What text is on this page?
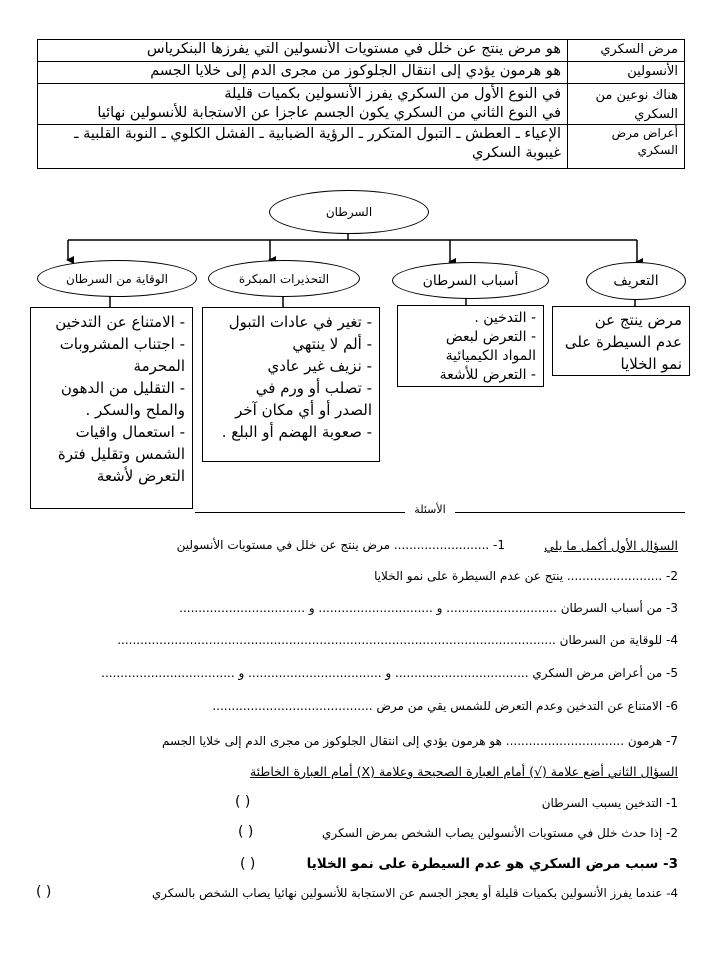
مرض السكري	هو مرض ينتج عن خلل في مستويات الأنسولين التي يفرزها البنكرياس

الأنسولين	هو هرمون يؤدي إلى انتقال الجلوكوز من مجرى الدم إلى خلايا الجسم

هناك نوعين من السكري	في النوع الأول من السكري يفرز الأنسولين بكميات قليلة
في النوع الثاني من السكري يكون الجسم عاجزا عن الاستجابة للأنسولين نهائيا

أعراض مرض السكري	الإعياء ـ العطش ـ التبول المتكرر ـ الرؤية الضبابية ـ الفشل الكلوي ـ النوبة القلبية ـ
غيبوبة السكري
السرطان
الوقاية من السرطان	التحذيرات المبكرة	أسباب السرطان	التعريف
- الامتناع عن التدخين
- اجتناب المشروبات
المحرمة
- التقليل من الدهون
والملح والسكر .
- استعمال واقيات
الشمس وتقليل فترة
التعرض لأشعة
- تغير في عادات التبول
- ألم لا ينتهي
- نزيف غير عادي
- تصلب أو ورم في
الصدر أو أي مكان آخر
- صعوبة الهضم أو البلع .
- التدخين .
- التعرض لبعض
المواد الكيميائية
- التعرض للأشعة
مرض ينتج عن
عدم السيطرة على
نمو الخلايا
الأسئلة
السؤال الأول أكمل ما يلي
1- ......................... مرض ينتج عن خلل في مستويات الأنسولين
2- ......................... ينتج عن عدم السيطرة على نمو الخلايا
3- من أسباب السرطان ............................. و .............................. و .................................
4- للوقاية من السرطان ...................................................................................................................
5- من أعراض مرض السكري ................................... و ................................... و ...................................
6- الامتناع عن التدخين وعدم التعرض للشمس يقي من مرض ..........................................
7- هرمون ............................... هو هرمون يؤدي إلى انتقال الجلوكوز من مجرى الدم إلى خلايا الجسم
السؤال الثاني أضع علامة (√) أمام العبارة الصحيحة وعلامة (X) أمام العبارة الخاطئة
1- التدخين يسبب السرطان
( )
2- إذا حدث خلل في مستويات الأنسولين يصاب الشخص بمرض السكري
( )
3- سبب مرض السكري هو عدم السيطرة على نمو الخلايا
( )
4- عندما يفرز الأنسولين بكميات قليلة أو يعجز الجسم عن الاستجابة للأنسولين نهائيا يصاب الشخص بالسكري
( )
